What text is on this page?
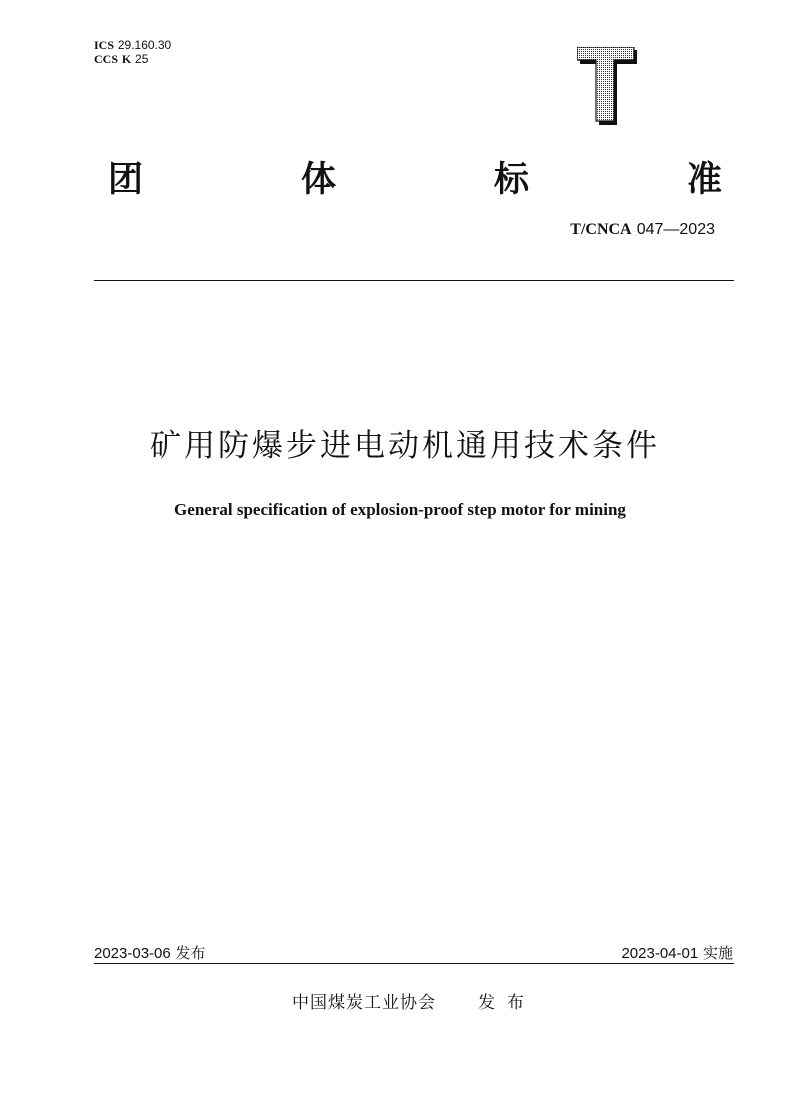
ICS 29.160.30
CCS K 25
团	体	标	准
T/CNCA 047—2023
矿用防爆步进电动机通用技术条件
General specification of explosion-proof step motor for mining
2023-03-06 发布	2023-04-01 实施
中国煤炭工业协会 发布
